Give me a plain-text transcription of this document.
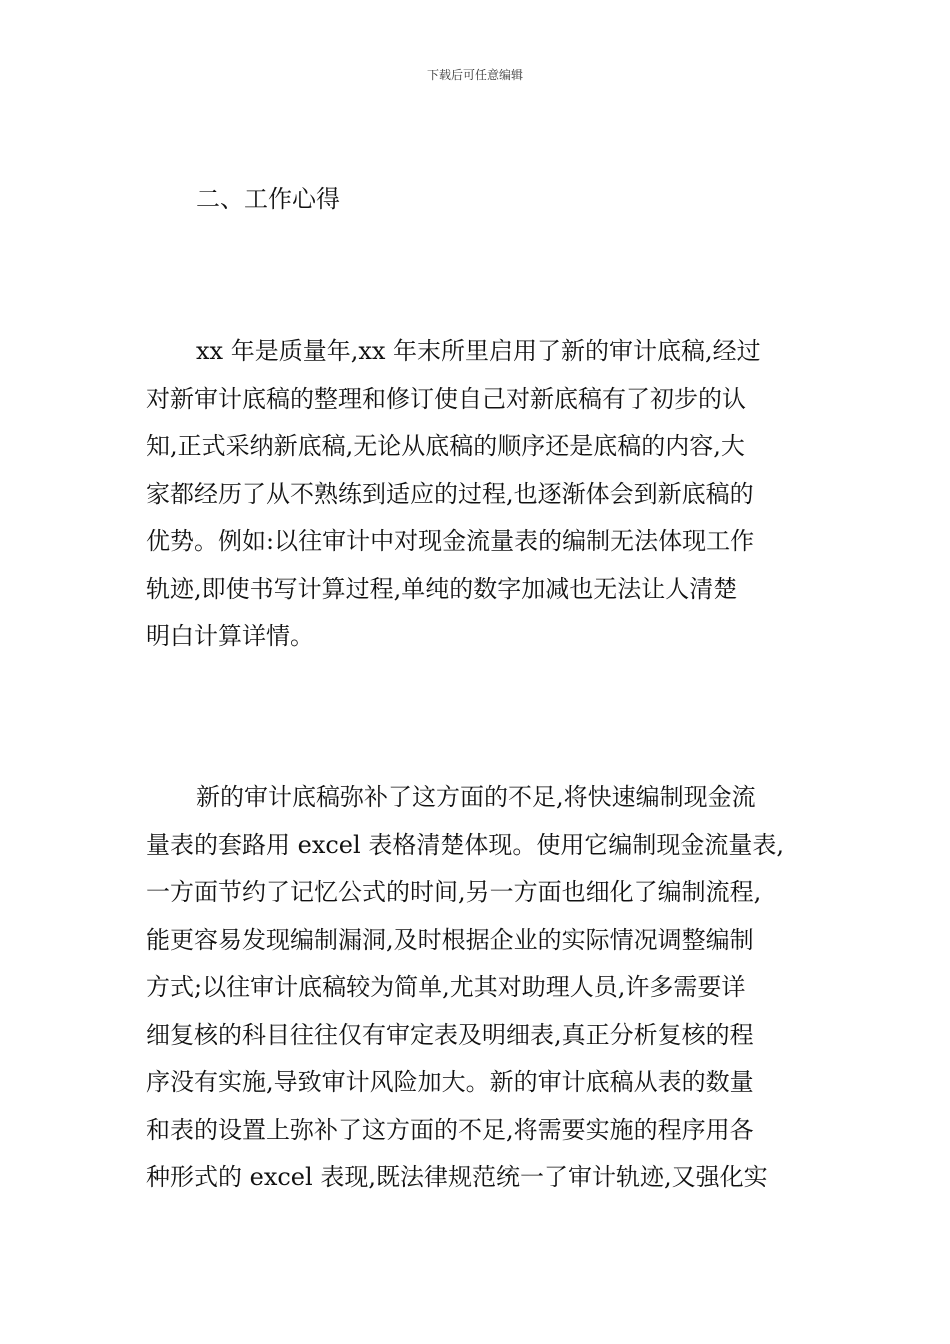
下载后可任意编辑
二、工作心得
xx 年是质量年,xx 年末所里启用了新的审计底稿,经过
对新审计底稿的整理和修订使自己对新底稿有了初步的认
知,正式采纳新底稿,无论从底稿的顺序还是底稿的内容,大
家都经历了从不熟练到适应的过程,也逐渐体会到新底稿的
优势。例如:以往审计中对现金流量表的编制无法体现工作
轨迹,即使书写计算过程,单纯的数字加减也无法让人清楚
明白计算详情。
新的审计底稿弥补了这方面的不足,将快速编制现金流
量表的套路用 excel 表格清楚体现。使用它编制现金流量表,
一方面节约了记忆公式的时间,另一方面也细化了编制流程,
能更容易发现编制漏洞,及时根据企业的实际情况调整编制
方式;以往审计底稿较为简单,尤其对助理人员,许多需要详
细复核的科目往往仅有审定表及明细表,真正分析复核的程
序没有实施,导致审计风险加大。新的审计底稿从表的数量
和表的设置上弥补了这方面的不足,将需要实施的程序用各
种形式的 excel 表现,既法律规范统一了审计轨迹,又强化实
